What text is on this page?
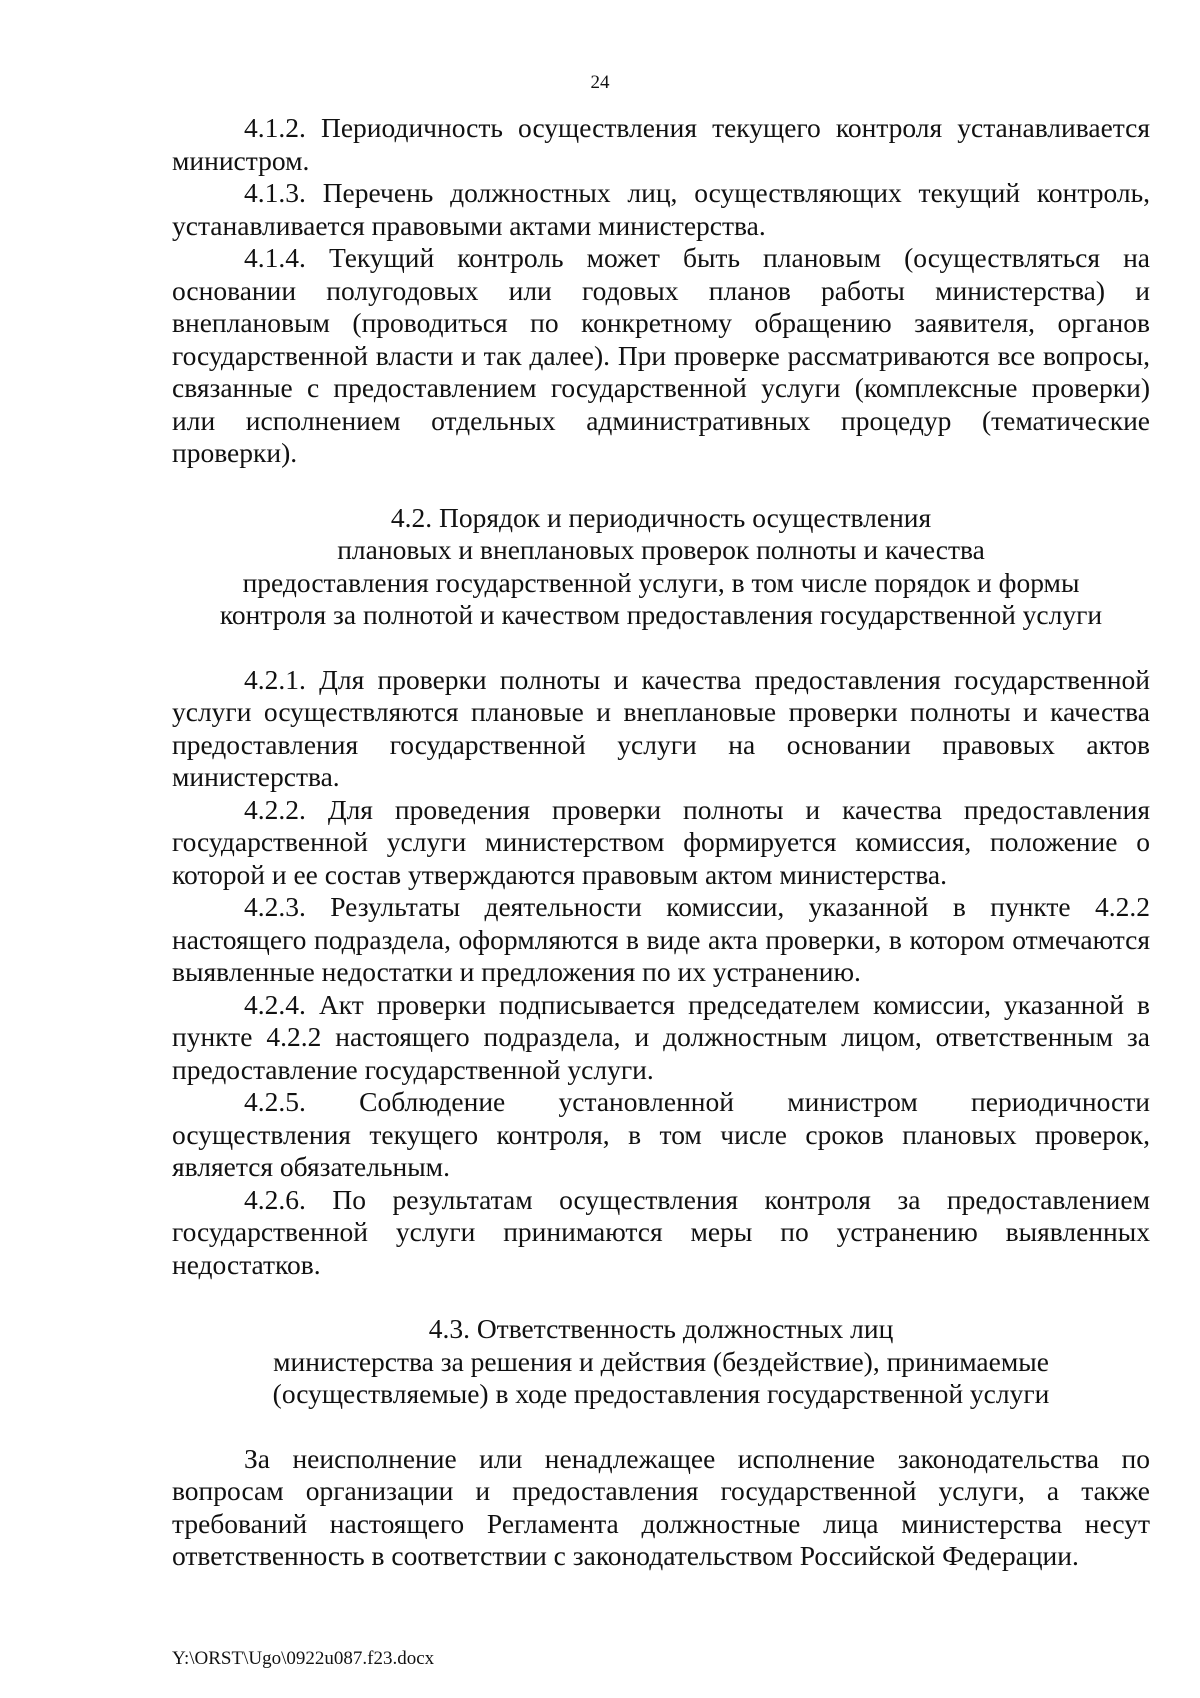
24

4.1.2. Периодичность осуществления текущего контроля устанавливается министром.

4.1.3. Перечень должностных лиц, осуществляющих текущий контроль, устанавливается правовыми актами министерства.

4.1.4. Текущий контроль может быть плановым (осуществляться на основании полугодовых или годовых планов работы министерства) и внеплановым (проводиться по конкретному обращению заявителя, органов государственной власти и так далее). При проверке рассматриваются все вопросы, связанные с предоставлением государственной услуги (комплексные проверки) или исполнением отдельных административных процедур (тематические проверки).

4.2. Порядок и периодичность осуществления
плановых и внеплановых проверок полноты и качества
предоставления государственной услуги, в том числе порядок и формы
контроля за полнотой и качеством предоставления государственной услуги

4.2.1. Для проверки полноты и качества предоставления государственной услуги осуществляются плановые и внеплановые проверки полноты и качества предоставления государственной услуги на основании правовых актов министерства.

4.2.2. Для проведения проверки полноты и качества предоставления государственной услуги министерством формируется комиссия, положение о которой и ее состав утверждаются правовым актом министерства.

4.2.3. Результаты деятельности комиссии, указанной в пункте 4.2.2 настоящего подраздела, оформляются в виде акта проверки, в котором отмечаются выявленные недостатки и предложения по их устранению.

4.2.4. Акт проверки подписывается председателем комиссии, указанной в пункте 4.2.2 настоящего подраздела, и должностным лицом, ответственным за предоставление государственной услуги.

4.2.5. Соблюдение установленной министром периодичности осуществления текущего контроля, в том числе сроков плановых проверок, является обязательным.

4.2.6. По результатам осуществления контроля за предоставлением государственной услуги принимаются меры по устранению выявленных недостатков.

4.3. Ответственность должностных лиц
министерства за решения и действия (бездействие), принимаемые
(осуществляемые) в ходе предоставления государственной услуги

За неисполнение или ненадлежащее исполнение законодательства по вопросам организации и предоставления государственной услуги, а также требований настоящего Регламента должностные лица министерства несут ответственность в соответствии с законодательством Российской Федерации.

Y:\ORST\Ugo\0922u087.f23.docx
